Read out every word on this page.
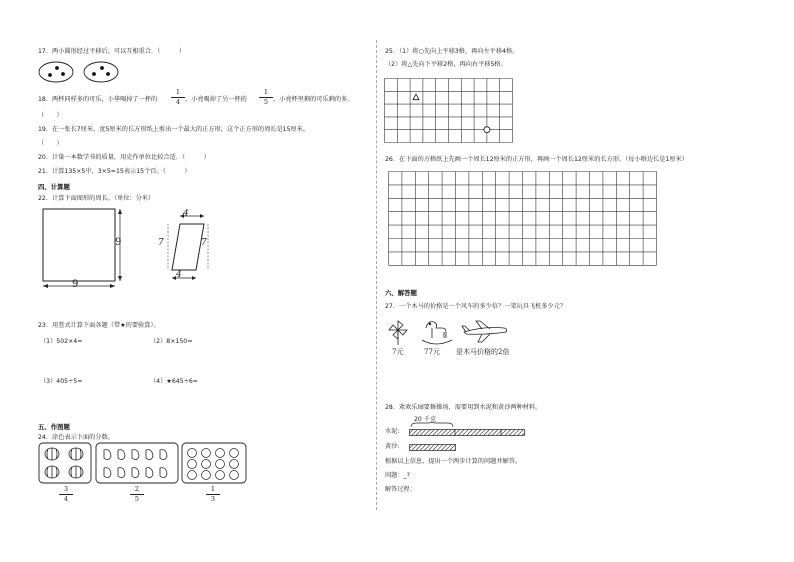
17．两小圆形经过平移后，可以互相重合．（　　　）
18．两杯同样多的可乐，小华喝掉了一杯的
1
4 ，小亮喝掉了另一杯的
1
5 ，小亮杯里剩的可乐剩的多。
（　　）
19．在一张长7厘米，宽5厘米的长方形纸上剪出一个最大的正方形，这个正方形的周长是15厘米。
（　　）
20．计量一本数学书的质量，用克作单位比较合适．（　　　）
21．计算135×5中，3×5=15表示15个百。（　　　）
四、计算题
22．计算下面图形的周长。（单位：分米）
9
9
4
4
7	7
23．用竖式计算下面各题（带★的要验算）。
（1）502×4=	（2）8×150=
（3）405÷5=	（4）★645÷6=
五、作图题
24．涂色表示下面的分数。
3
4
2
5
1
3
25．（1）将○先向上平移3格，再向左平移4格。
（2）将△先向下平移2格，再向右平移5格。
26．在下面的方格纸上先画一个周长12厘米的正方形，再画一个周长12厘米的长方形。（每小格边长是1厘米）
六、解答题
27．一个木马的价格是一个风车的多少倍？一架玩具飞机多少元？
7元	77元 是木马价格的2倍
28．欢欢乐园要修操场，需要用到水泥和黄沙两种材料。
20 千克
水泥:
黄沙:
根据以上信息，提出一个两步计算的问题并解答。
问题：_?
解答过程：
